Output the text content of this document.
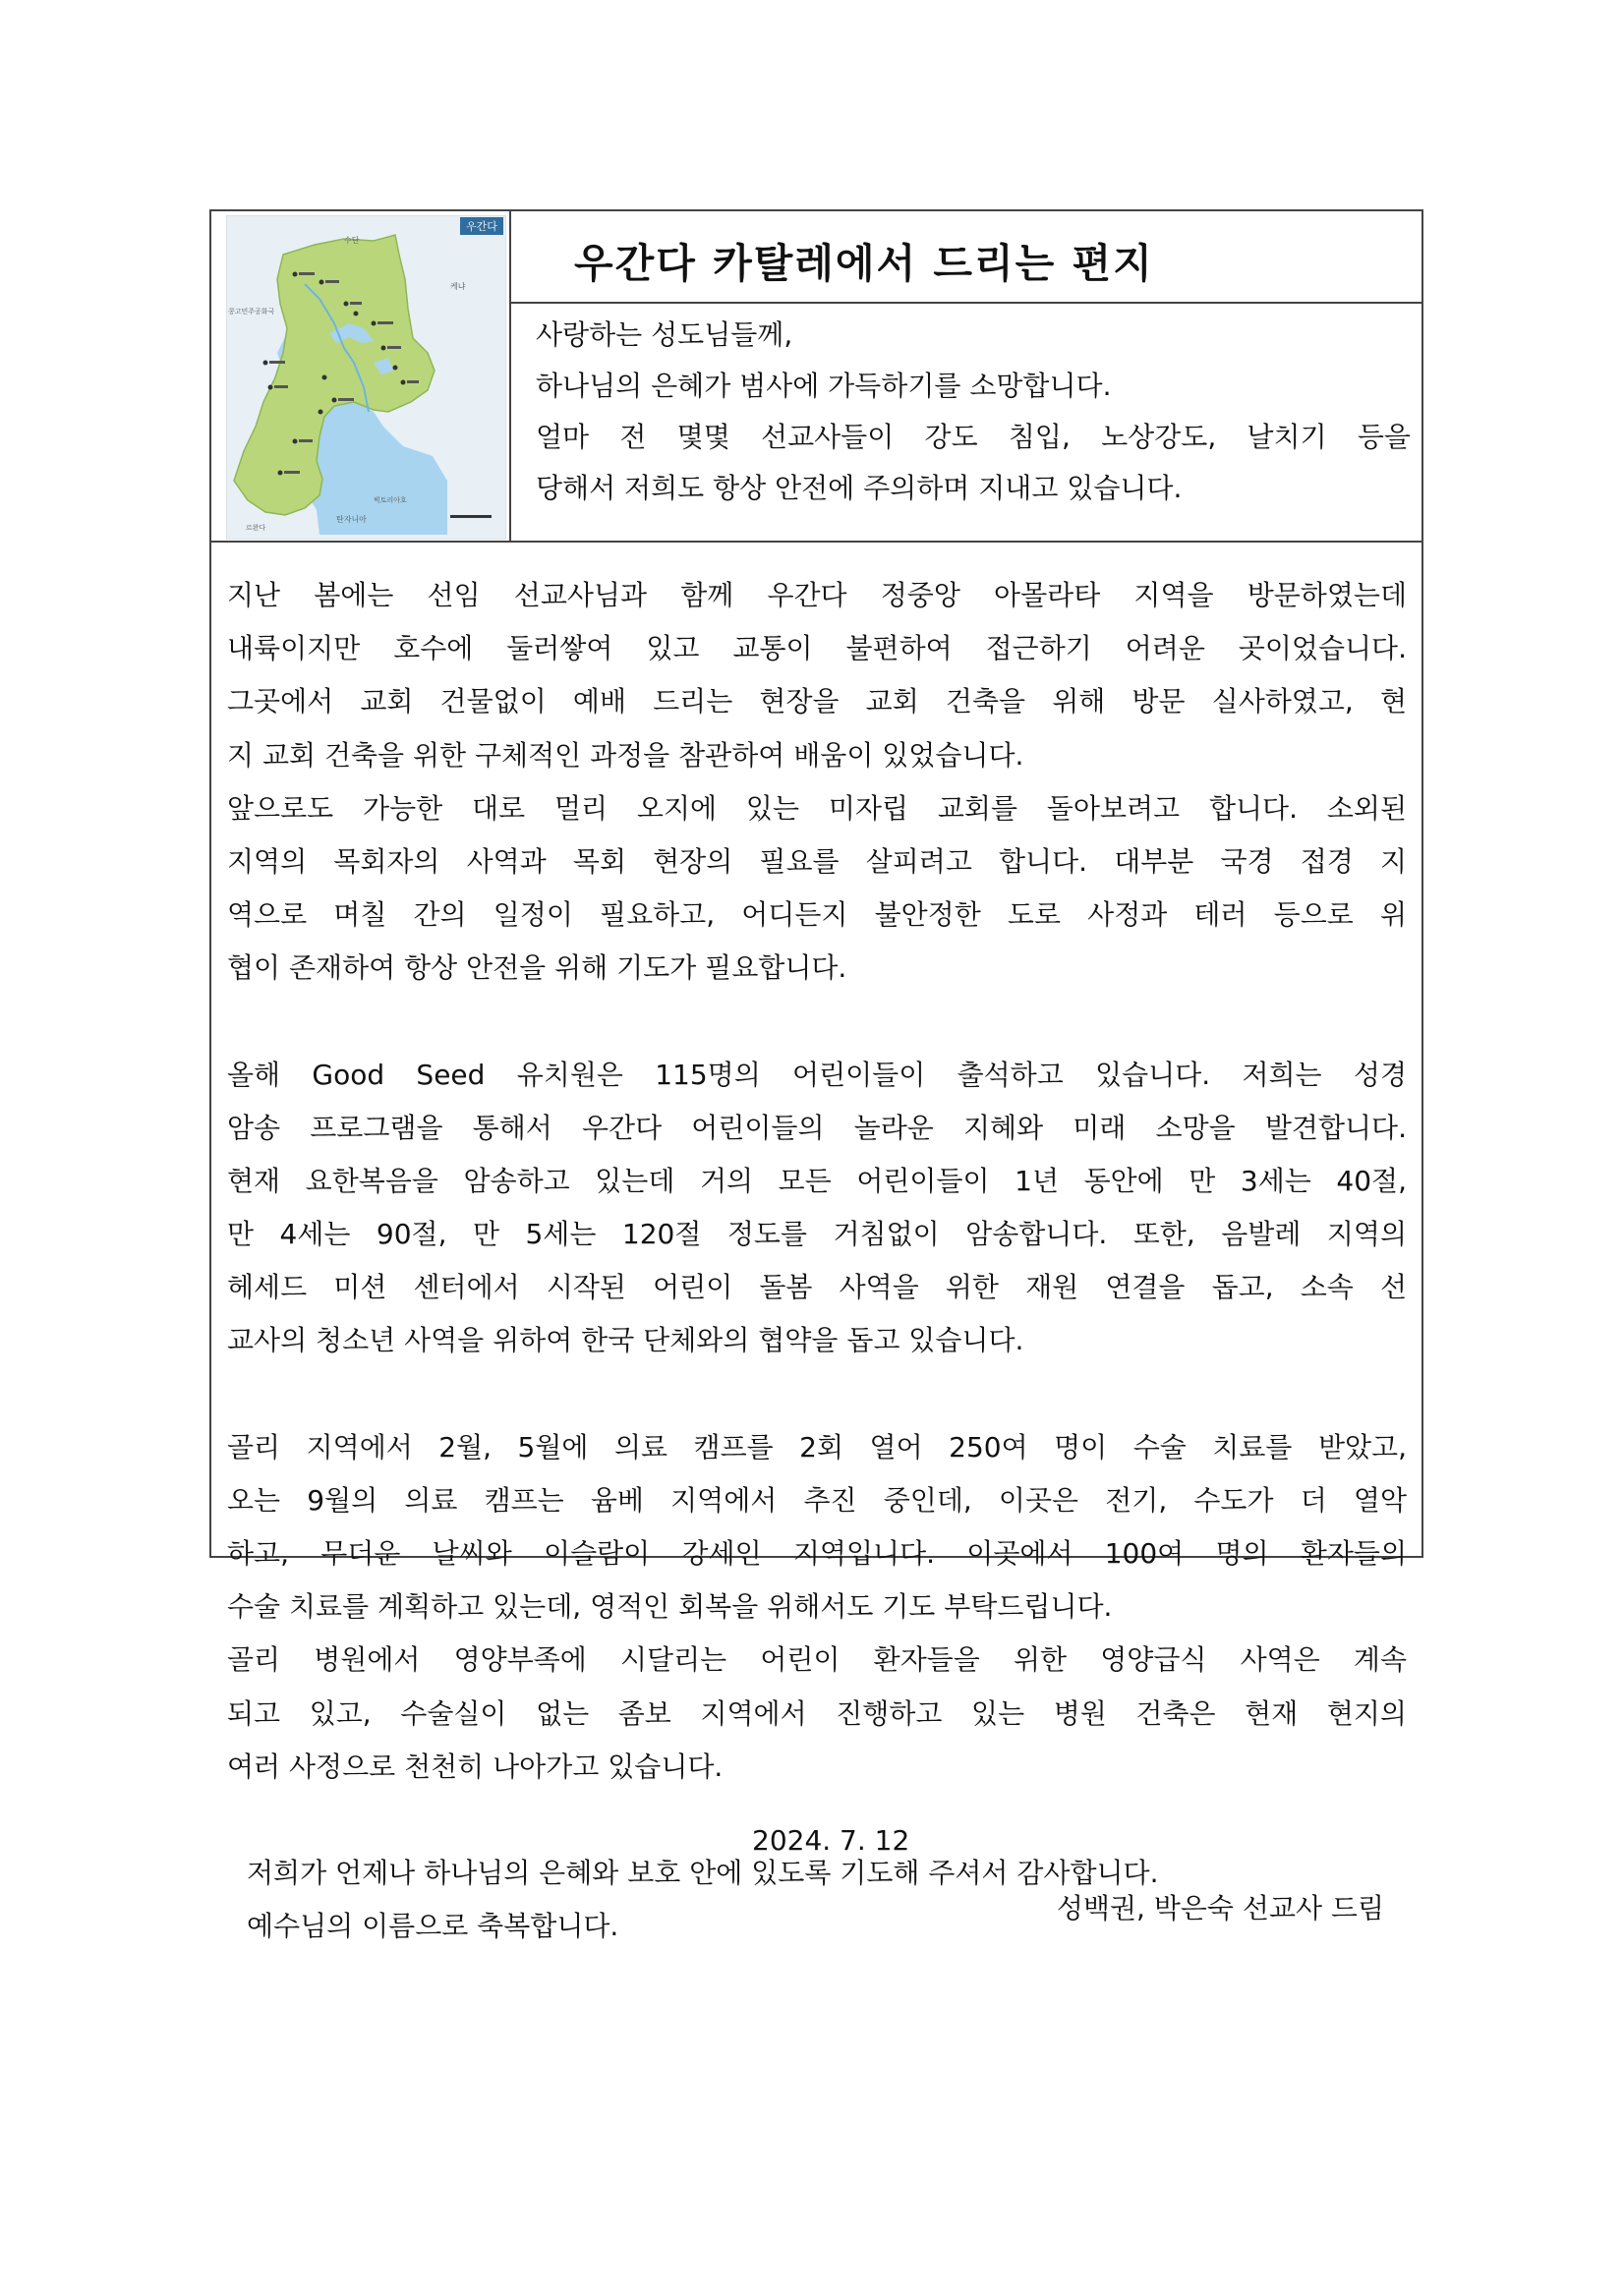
우간다
수단
케냐
콩고민주공화국
탄자니아
르완다
빅토리아호
우간다 카탈레에서 드리는 편지

사랑하는 성도님들께,

하나님의 은혜가 범사에 가득하기를 소망합니다.

얼마 전 몇몇 선교사들이 강도 침입, 노상강도, 날치기 등을

당해서 저희도 항상 안전에 주의하며 지내고 있습니다.

지난 봄에는 선임 선교사님과 함께 우간다 정중앙 아몰라타 지역을 방문하였는데
내륙이지만 호수에 둘러쌓여 있고 교통이 불편하여 접근하기 어려운 곳이었습니다.
그곳에서 교회 건물없이 예배 드리는 현장을 교회 건축을 위해 방문 실사하였고, 현
지 교회 건축을 위한 구체적인 과정을 참관하여 배움이 있었습니다.
앞으로도 가능한 대로 멀리 오지에 있는 미자립 교회를 돌아보려고 합니다. 소외된
지역의 목회자의 사역과 목회 현장의 필요를 살피려고 합니다. 대부분 국경 접경 지
역으로 며칠 간의 일정이 필요하고, 어디든지 불안정한 도로 사정과 테러 등으로 위
협이 존재하여 항상 안전을 위해 기도가 필요합니다.
올해 Good Seed 유치원은 115명의 어린이들이 출석하고 있습니다. 저희는 성경
암송 프로그램을 통해서 우간다 어린이들의 놀라운 지혜와 미래 소망을 발견합니다.
현재 요한복음을 암송하고 있는데 거의 모든 어린이들이 1년 동안에 만 3세는 40절,
만 4세는 90절, 만 5세는 120절 정도를 거침없이 암송합니다. 또한, 음발레 지역의
헤세드 미션 센터에서 시작된 어린이 돌봄 사역을 위한 재원 연결을 돕고, 소속 선
교사의 청소년 사역을 위하여 한국 단체와의 협약을 돕고 있습니다.
골리 지역에서 2월, 5월에 의료 캠프를 2회 열어 250여 명이 수술 치료를 받았고,
오는 9월의 의료 캠프는 윰베 지역에서 추진 중인데, 이곳은 전기, 수도가 더 열악
하고, 무더운 날씨와 이슬람이 강세인 지역입니다. 이곳에서 100여 명의 환자들의
수술 치료를 계획하고 있는데, 영적인 회복을 위해서도 기도 부탁드립니다.
골리 병원에서 영양부족에 시달리는 어린이 환자들을 위한 영양급식 사역은 계속
되고 있고, 수술실이 없는 좀보 지역에서 진행하고 있는 병원 건축은 현재 현지의
여러 사정으로 천천히 나아가고 있습니다.
저희가 언제나 하나님의 은혜와 보호 안에 있도록 기도해 주셔서 감사합니다.
예수님의 이름으로 축복합니다.

2024. 7. 12

성백권, 박은숙 선교사 드림
